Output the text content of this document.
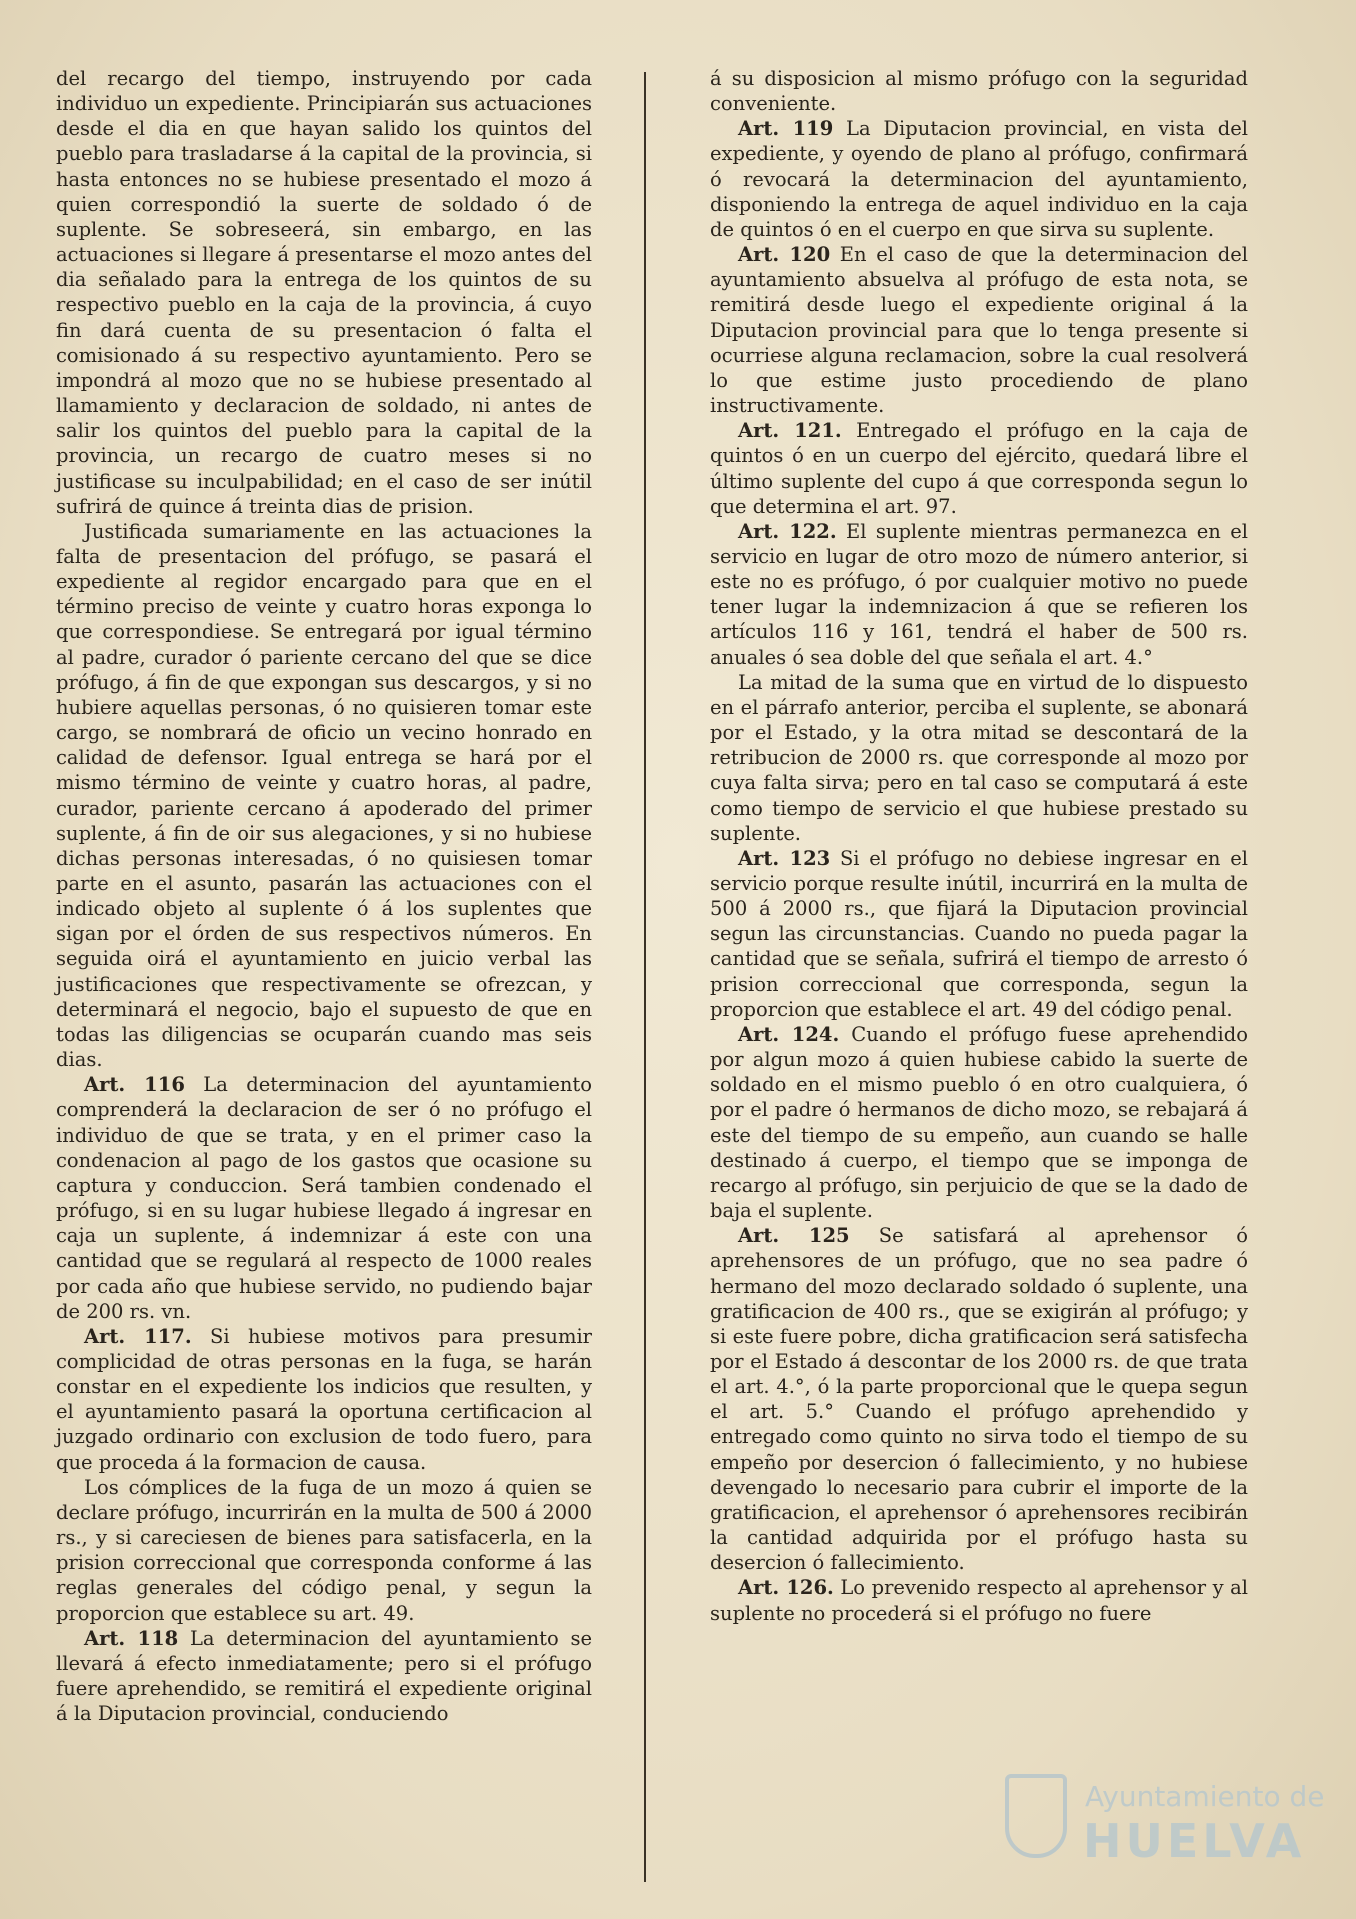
del recargo del tiempo, instruyendo por cada individuo un expediente. Principiarán sus actuaciones desde el dia en que hayan salido los quintos del pueblo para trasladarse á la capital de la provincia, si hasta entonces no se hubiese presentado el mozo á quien correspondió la suerte de soldado ó de suplente. Se sobreseerá, sin embargo, en las actuaciones si llegare á presentarse el mozo antes del dia señalado para la entrega de los quintos de su respectivo pueblo en la caja de la provincia, á cuyo fin dará cuenta de su presentacion ó falta el comisionado á su respectivo ayuntamiento. Pero se impondrá al mozo que no se hubiese presentado al llamamiento y declaracion de soldado, ni antes de salir los quintos del pueblo para la capital de la provincia, un recargo de cuatro meses si no justificase su inculpabilidad; en el caso de ser inútil sufrirá de quince á treinta dias de prision.

Justificada sumariamente en las actuaciones la falta de presentacion del prófugo, se pasará el expediente al regidor encargado para que en el término preciso de veinte y cuatro horas exponga lo que correspondiese. Se entregará por igual término al padre, curador ó pariente cercano del que se dice prófugo, á fin de que expongan sus descargos, y si no hubiere aquellas personas, ó no quisieren tomar este cargo, se nombrará de oficio un vecino honrado en calidad de defensor. Igual entrega se hará por el mismo término de veinte y cuatro horas, al padre, curador, pariente cercano á apoderado del primer suplente, á fin de oir sus alegaciones, y si no hubiese dichas personas interesadas, ó no quisiesen tomar parte en el asunto, pasarán las actuaciones con el indicado objeto al suplente ó á los suplentes que sigan por el órden de sus respectivos números. En seguida oirá el ayuntamiento en juicio verbal las justificaciones que respectivamente se ofrezcan, y determinará el negocio, bajo el supuesto de que en todas las diligencias se ocuparán cuando mas seis dias.

Art. 116 La determinacion del ayuntamiento comprenderá la declaracion de ser ó no prófugo el individuo de que se trata, y en el primer caso la condenacion al pago de los gastos que ocasione su captura y conduccion. Será tambien condenado el prófugo, si en su lugar hubiese llegado á ingresar en caja un suplente, á indemnizar á este con una cantidad que se regulará al respecto de 1000 reales por cada año que hubiese servido, no pudiendo bajar de 200 rs. vn.

Art. 117. Si hubiese motivos para presumir complicidad de otras personas en la fuga, se harán constar en el expediente los indicios que resulten, y el ayuntamiento pasará la oportuna certificacion al juzgado ordinario con exclusion de todo fuero, para que proceda á la formacion de causa.

Los cómplices de la fuga de un mozo á quien se declare prófugo, incurrirán en la multa de 500 á 2000 rs., y si careciesen de bienes para satisfacerla, en la prision correccional que corresponda conforme á las reglas generales del código penal, y segun la proporcion que establece su art. 49.

Art. 118 La determinacion del ayuntamiento se llevará á efecto inmediatamente; pero si el prófugo fuere aprehendido, se remitirá el expediente original á la Diputacion provincial, conduciendo

á su disposicion al mismo prófugo con la seguridad conveniente.

Art. 119 La Diputacion provincial, en vista del expediente, y oyendo de plano al prófugo, confirmará ó revocará la determinacion del ayuntamiento, disponiendo la entrega de aquel individuo en la caja de quintos ó en el cuerpo en que sirva su suplente.

Art. 120 En el caso de que la determinacion del ayuntamiento absuelva al prófugo de esta nota, se remitirá desde luego el expediente original á la Diputacion provincial para que lo tenga presente si ocurriese alguna reclamacion, sobre la cual resolverá lo que estime justo procediendo de plano instructivamente.

Art. 121. Entregado el prófugo en la caja de quintos ó en un cuerpo del ejército, quedará libre el último suplente del cupo á que corresponda segun lo que determina el art. 97.

Art. 122. El suplente mientras permanezca en el servicio en lugar de otro mozo de número anterior, si este no es prófugo, ó por cualquier motivo no puede tener lugar la indemnizacion á que se refieren los artículos 116 y 161, tendrá el haber de 500 rs. anuales ó sea doble del que señala el art. 4.°

La mitad de la suma que en virtud de lo dispuesto en el párrafo anterior, perciba el suplente, se abonará por el Estado, y la otra mitad se descontará de la retribucion de 2000 rs. que corresponde al mozo por cuya falta sirva; pero en tal caso se computará á este como tiempo de servicio el que hubiese prestado su suplente.

Art. 123 Si el prófugo no debiese ingresar en el servicio porque resulte inútil, incurrirá en la multa de 500 á 2000 rs., que fijará la Diputacion provincial segun las circunstancias. Cuando no pueda pagar la cantidad que se señala, sufrirá el tiempo de arresto ó prision correccional que corresponda, segun la proporcion que establece el art. 49 del código penal.

Art. 124. Cuando el prófugo fuese aprehendido por algun mozo á quien hubiese cabido la suerte de soldado en el mismo pueblo ó en otro cualquiera, ó por el padre ó hermanos de dicho mozo, se rebajará á este del tiempo de su empeño, aun cuando se halle destinado á cuerpo, el tiempo que se imponga de recargo al prófugo, sin perjuicio de que se la dado de baja el suplente.

Art. 125 Se satisfará al aprehensor ó aprehensores de un prófugo, que no sea padre ó hermano del mozo declarado soldado ó suplente, una gratificacion de 400 rs., que se exigirán al prófugo; y si este fuere pobre, dicha gratificacion será satisfecha por el Estado á descontar de los 2000 rs. de que trata el art. 4.°, ó la parte proporcional que le quepa segun el art. 5.° Cuando el prófugo aprehendido y entregado como quinto no sirva todo el tiempo de su empeño por desercion ó fallecimiento, y no hubiese devengado lo necesario para cubrir el importe de la gratificacion, el aprehensor ó aprehensores recibirán la cantidad adquirida por el prófugo hasta su desercion ó fallecimiento.

Art. 126. Lo prevenido respecto al aprehensor y al suplente no procederá si el prófugo no fuere

Ayuntamiento de
HUELVA
